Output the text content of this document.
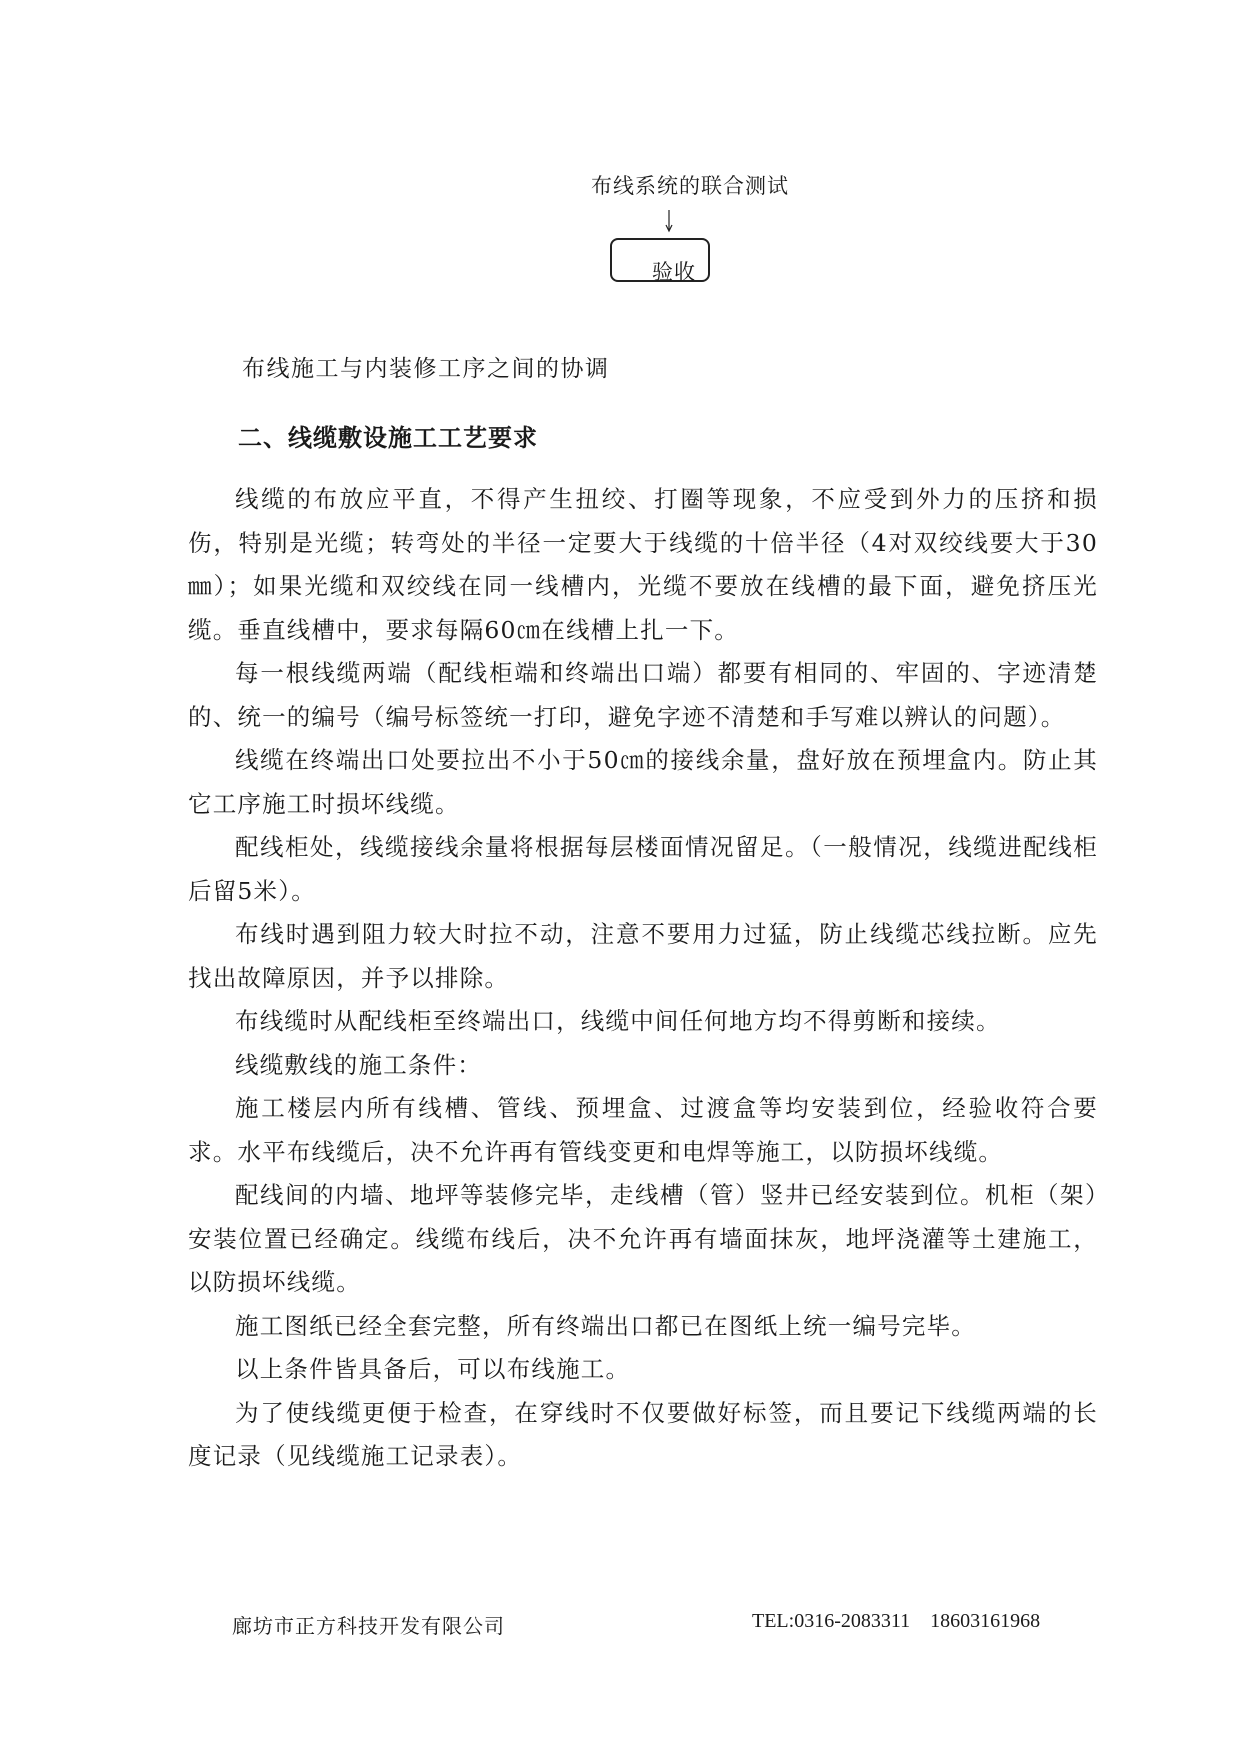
布线系统的联合测试
验收
布线施工与内装修工序之间的协调
二、线缆敷设施工工艺要求

线缆的布放应平直，不得产生扭绞、打圈等现象，不应受到外力的压挤和损伤，特别是光缆；转弯处的半径一定要大于线缆的十倍半径（4对双绞线要大于30㎜）；如果光缆和双绞线在同一线槽内，光缆不要放在线槽的最下面，避免挤压光缆。垂直线槽中，要求每隔60㎝在线槽上扎一下。

每一根线缆两端（配线柜端和终端出口端）都要有相同的、牢固的、字迹清楚的、统一的编号（编号标签统一打印，避免字迹不清楚和手写难以辨认的问题）。

线缆在终端出口处要拉出不小于50㎝的接线余量，盘好放在预埋盒内。防止其它工序施工时损坏线缆。

配线柜处，线缆接线余量将根据每层楼面情况留足。（一般情况，线缆进配线柜后留5米）。

布线时遇到阻力较大时拉不动，注意不要用力过猛，防止线缆芯线拉断。应先找出故障原因，并予以排除。

布线缆时从配线柜至终端出口，线缆中间任何地方均不得剪断和接续。

线缆敷线的施工条件：

施工楼层内所有线槽、管线、预埋盒、过渡盒等均安装到位，经验收符合要求。水平布线缆后，决不允许再有管线变更和电焊等施工，以防损坏线缆。

配线间的内墙、地坪等装修完毕，走线槽（管）竖井已经安装到位。机柜（架）安装位置已经确定。线缆布线后，决不允许再有墙面抹灰，地坪浇灌等土建施工，以防损坏线缆。

施工图纸已经全套完整，所有终端出口都已在图纸上统一编号完毕。

以上条件皆具备后，可以布线施工。

为了使线缆更便于检查，在穿线时不仅要做好标签，而且要记下线缆两端的长度记录（见线缆施工记录表）。

廊坊市正方科技开发有限公司	TEL:0316-2083311    18603161968
